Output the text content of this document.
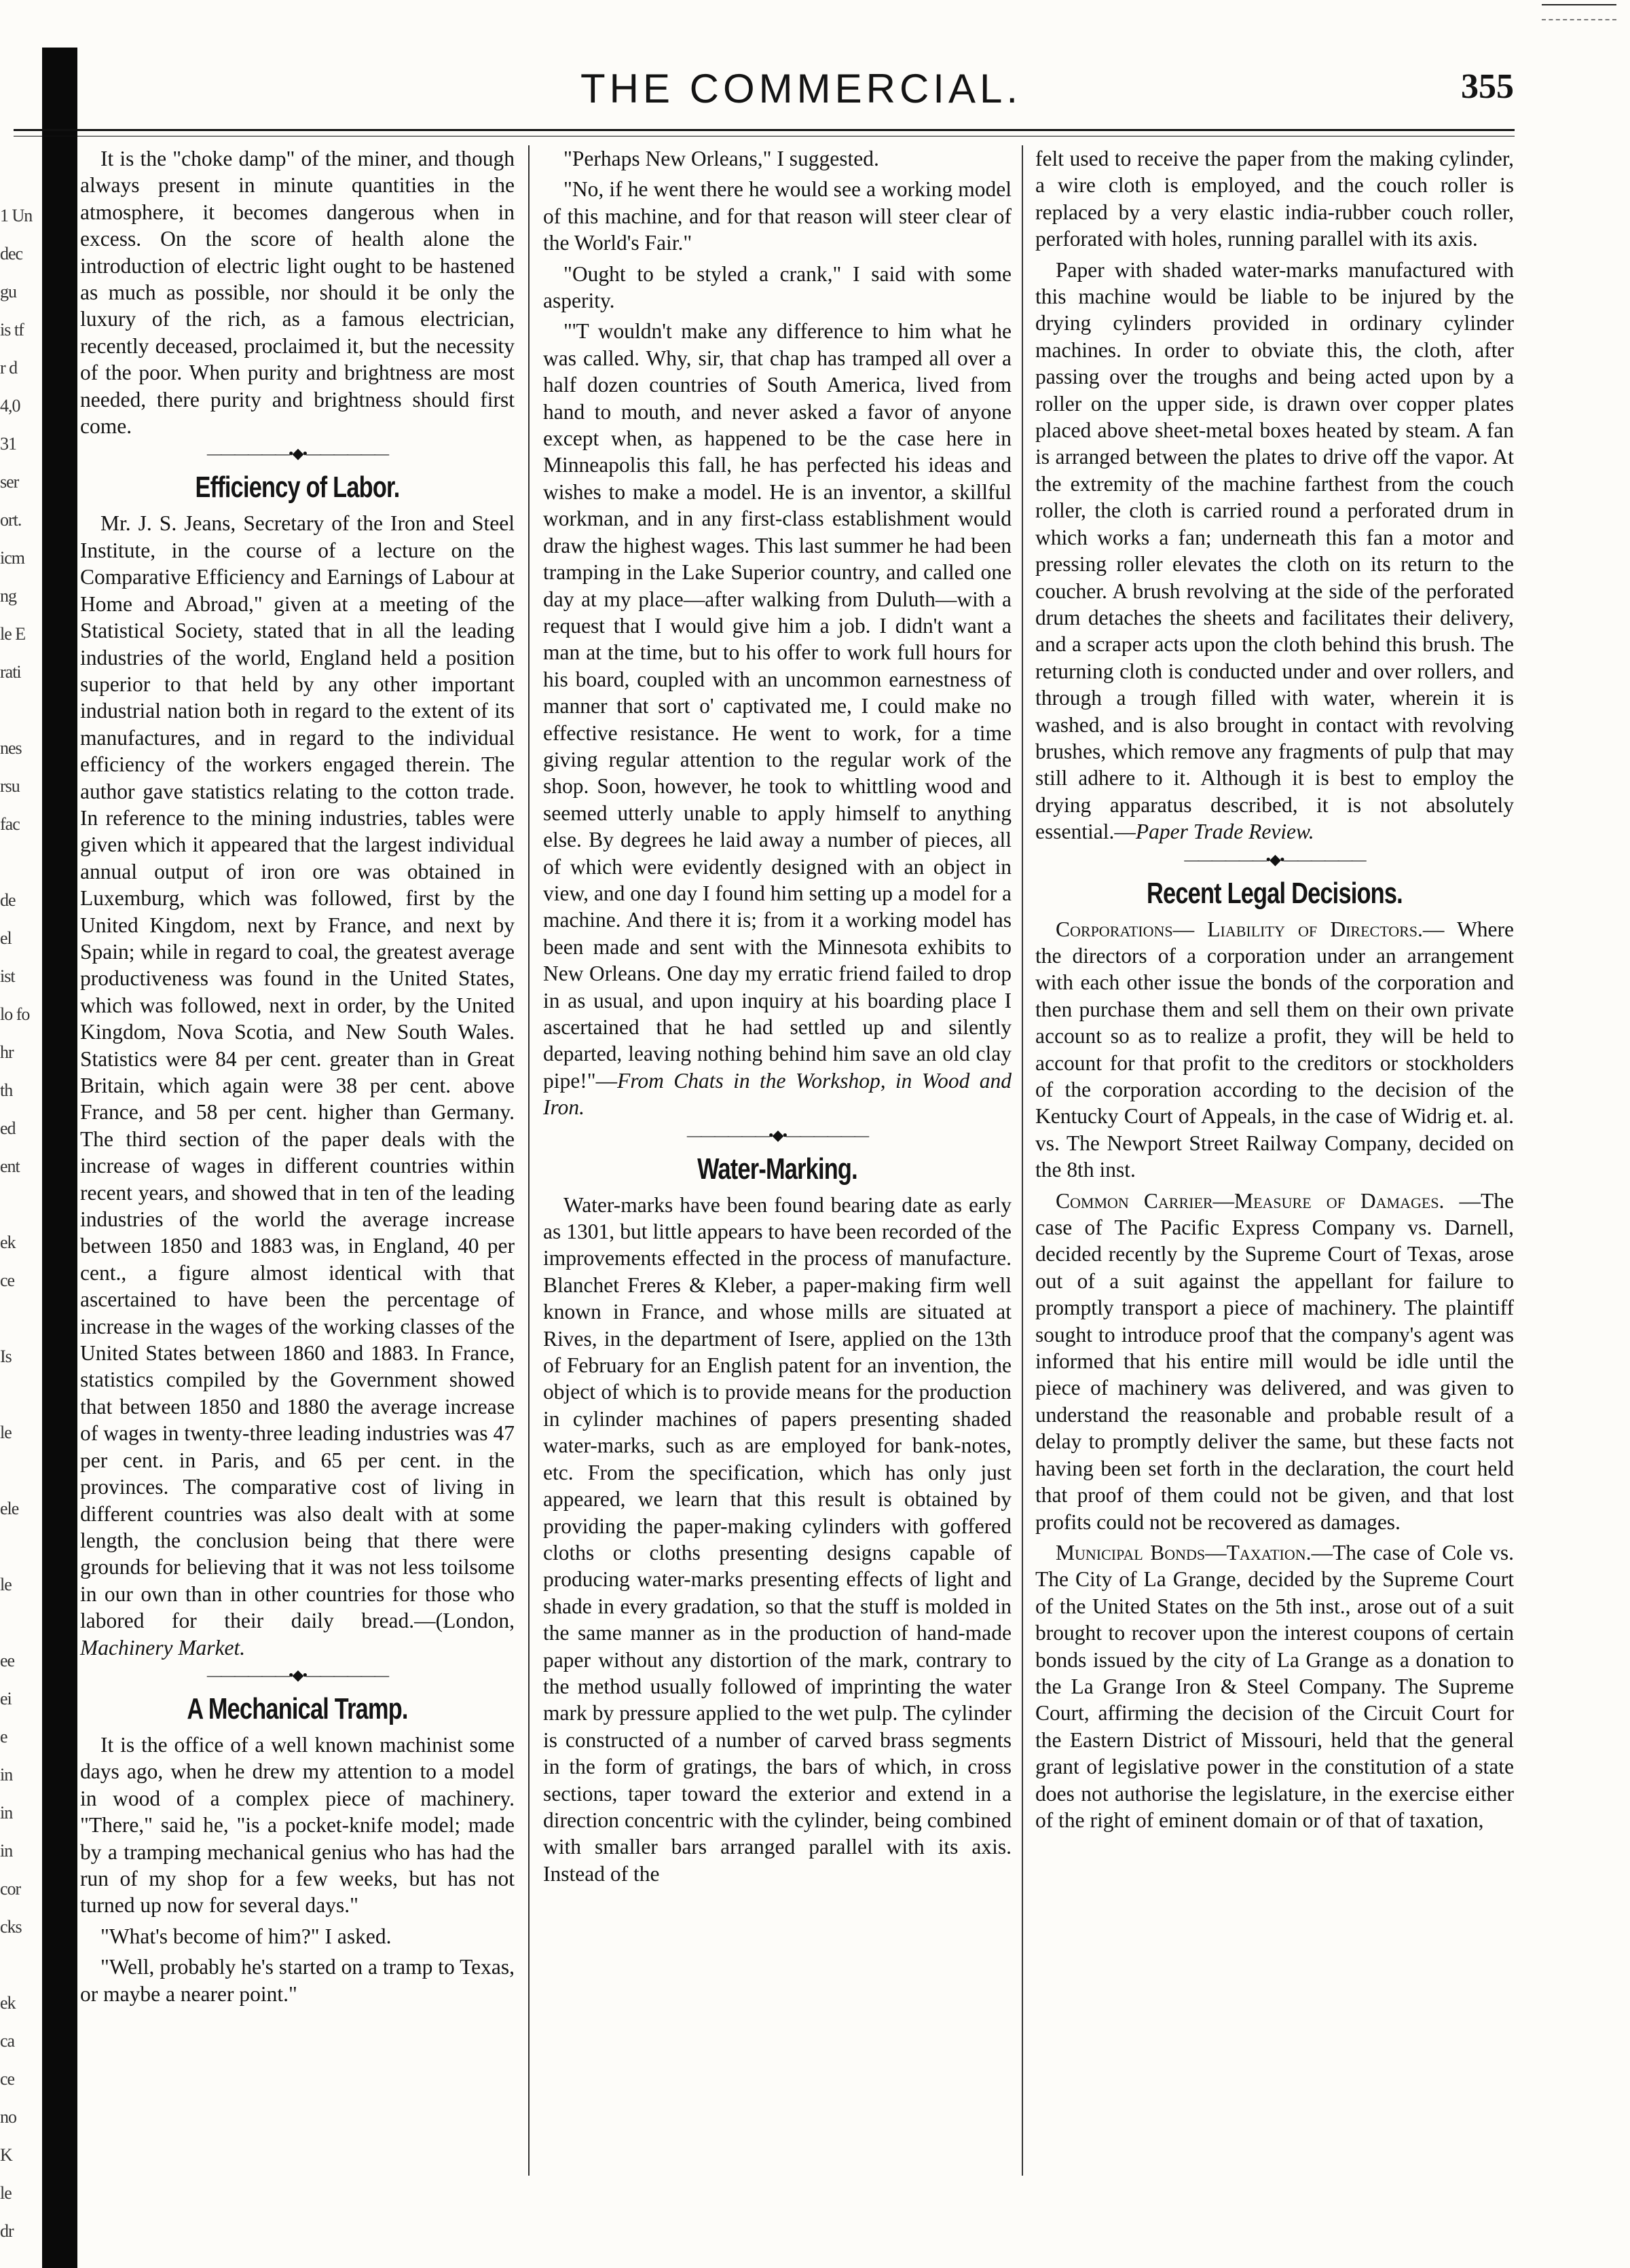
1 Un
dec
gu
is tf
r d
4,0
31
ser
ort.
icm
ng
le E
rati

nes
rsu
fac

de
el
ist
lo fo
hr
th
ed
ent

ek
ce

Is

le

ele

le

ee
ei
e
in
in
in
cor
cks

ek
ca
ce
no
K
le
dr
THE COMMERCIAL.	355

It is the "choke damp" of the miner, and though always present in minute quantities in the atmosphere, it becomes dangerous when in excess. On the score of health alone the introduction of electric light ought to be hastened as much as possible, nor should it be only the luxury of the rich, as a famous electrician, recently deceased, proclaimed it, but the necessity of the poor. When purity and brightness are most needed, there purity and brightness should first come.

——————•◆•——————
Efficiency of Labor.

Mr. J. S. Jeans, Secretary of the Iron and Steel Institute, in the course of a lecture on the Comparative Efficiency and Earnings of Labour at Home and Abroad," given at a meeting of the Statistical Society, stated that in all the leading industries of the world, England held a position superior to that held by any other important industrial nation both in regard to the extent of its manufactures, and in regard to the individual efficiency of the workers engaged therein. The author gave statistics relating to the cotton trade. In reference to the mining industries, tables were given which it appeared that the largest individual annual output of iron ore was obtained in Luxemburg, which was followed, first by the United Kingdom, next by France, and next by Spain; while in regard to coal, the greatest average productiveness was found in the United States, which was followed, next in order, by the United Kingdom, Nova Scotia, and New South Wales. Statistics were 84 per cent. greater than in Great Britain, which again were 38 per cent. above France, and 58 per cent. higher than Germany. The third section of the paper deals with the increase of wages in different countries within recent years, and showed that in ten of the leading industries of the world the average increase between 1850 and 1883 was, in England, 40 per cent., a figure almost identical with that ascertained to have been the percentage of increase in the wages of the working classes of the United States between 1860 and 1883. In France, statistics compiled by the Government showed that between 1850 and 1880 the average increase of wages in twenty-three leading industries was 47 per cent. in Paris, and 65 per cent. in the provinces. The comparative cost of living in different countries was also dealt with at some length, the conclusion being that there were grounds for believing that it was not less toilsome in our own than in other countries for those who labored for their daily bread.—(London, Machinery Market.

——————•◆•——————
A Mechanical Tramp.

It is the office of a well known machinist some days ago, when he drew my attention to a model in wood of a complex piece of machinery. "There," said he, "is a pocket-knife model; made by a tramping mechanical genius who has had the run of my shop for a few weeks, but has not turned up now for several days."

"What's become of him?" I asked.

"Well, probably he's started on a tramp to Texas, or maybe a nearer point."

"Perhaps New Orleans," I suggested.

"No, if he went there he would see a working model of this machine, and for that reason will steer clear of the World's Fair."

"Ought to be styled a crank," I said with some asperity.

"'T wouldn't make any difference to him what he was called. Why, sir, that chap has tramped all over a half dozen countries of South America, lived from hand to mouth, and never asked a favor of anyone except when, as happened to be the case here in Minneapolis this fall, he has perfected his ideas and wishes to make a model. He is an inventor, a skillful workman, and in any first-class establishment would draw the highest wages. This last summer he had been tramping in the Lake Superior country, and called one day at my place—after walking from Duluth—with a request that I would give him a job. I didn't want a man at the time, but to his offer to work full hours for his board, coupled with an uncommon earnestness of manner that sort o' captivated me, I could make no effective resistance. He went to work, for a time giving regular attention to the regular work of the shop. Soon, however, he took to whittling wood and seemed utterly unable to apply himself to anything else. By degrees he laid away a number of pieces, all of which were evidently designed with an object in view, and one day I found him setting up a model for a machine. And there it is; from it a working model has been made and sent with the Minnesota exhibits to New Orleans. One day my erratic friend failed to drop in as usual, and upon inquiry at his boarding place I ascertained that he had settled up and silently departed, leaving nothing behind him save an old clay pipe!"—From Chats in the Workshop, in Wood and Iron.

——————•◆•——————
Water-Marking.

Water-marks have been found bearing date as early as 1301, but little appears to have been recorded of the improvements effected in the process of manufacture. Blanchet Freres & Kleber, a paper-making firm well known in France, and whose mills are situated at Rives, in the department of Isere, applied on the 13th of February for an English patent for an invention, the object of which is to provide means for the production in cylinder machines of papers presenting shaded water-marks, such as are employed for bank-notes, etc. From the specification, which has only just appeared, we learn that this result is obtained by providing the paper-making cylinders with goffered cloths or cloths presenting designs capable of producing water-marks presenting effects of light and shade in every gradation, so that the stuff is molded in the same manner as in the production of hand-made paper without any distortion of the mark, contrary to the method usually followed of imprinting the water mark by pressure applied to the wet pulp. The cylinder is constructed of a number of carved brass segments in the form of gratings, the bars of which, in cross sections, taper toward the exterior and extend in a direction concentric with the cylinder, being combined with smaller bars arranged parallel with its axis. Instead of the

felt used to receive the paper from the making cylinder, a wire cloth is employed, and the couch roller is replaced by a very elastic india-rubber couch roller, perforated with holes, running parallel with its axis.

Paper with shaded water-marks manufactured with this machine would be liable to be injured by the drying cylinders provided in ordinary cylinder machines. In order to obviate this, the cloth, after passing over the troughs and being acted upon by a roller on the upper side, is drawn over copper plates placed above sheet-metal boxes heated by steam. A fan is arranged between the plates to drive off the vapor. At the extremity of the machine farthest from the couch roller, the cloth is carried round a perforated drum in which works a fan; underneath this fan a motor and pressing roller elevates the cloth on its return to the coucher. A brush revolving at the side of the perforated drum detaches the sheets and facilitates their delivery, and a scraper acts upon the cloth behind this brush. The returning cloth is conducted under and over rollers, and through a trough filled with water, wherein it is washed, and is also brought in contact with revolving brushes, which remove any fragments of pulp that may still adhere to it. Although it is best to employ the drying apparatus described, it is not absolutely essential.—Paper Trade Review.

——————•◆•——————
Recent Legal Decisions.

Corporations— Liability of Directors.— Where the directors of a corporation under an arrangement with each other issue the bonds of the corporation and then purchase them and sell them on their own private account so as to realize a profit, they will be held to account for that profit to the creditors or stockholders of the corporation according to the decision of the Kentucky Court of Appeals, in the case of Widrig et. al. vs. The Newport Street Railway Company, decided on the 8th inst.

Common Carrier—Measure of Damages. —The case of The Pacific Express Company vs. Darnell, decided recently by the Supreme Court of Texas, arose out of a suit against the appellant for failure to promptly transport a piece of machinery. The plaintiff sought to introduce proof that the company's agent was informed that his entire mill would be idle until the piece of machinery was delivered, and was given to understand the reasonable and probable result of a delay to promptly deliver the same, but these facts not having been set forth in the declaration, the court held that proof of them could not be given, and that lost profits could not be recovered as damages.

Municipal Bonds—Taxation.—The case of Cole vs. The City of La Grange, decided by the Supreme Court of the United States on the 5th inst., arose out of a suit brought to recover upon the interest coupons of certain bonds issued by the city of La Grange as a donation to the La Grange Iron & Steel Company. The Supreme Court, affirming the decision of the Circuit Court for the Eastern District of Missouri, held that the general grant of legislative power in the constitution of a state does not authorise the legislature, in the exercise either of the right of eminent domain or of that of taxation,
